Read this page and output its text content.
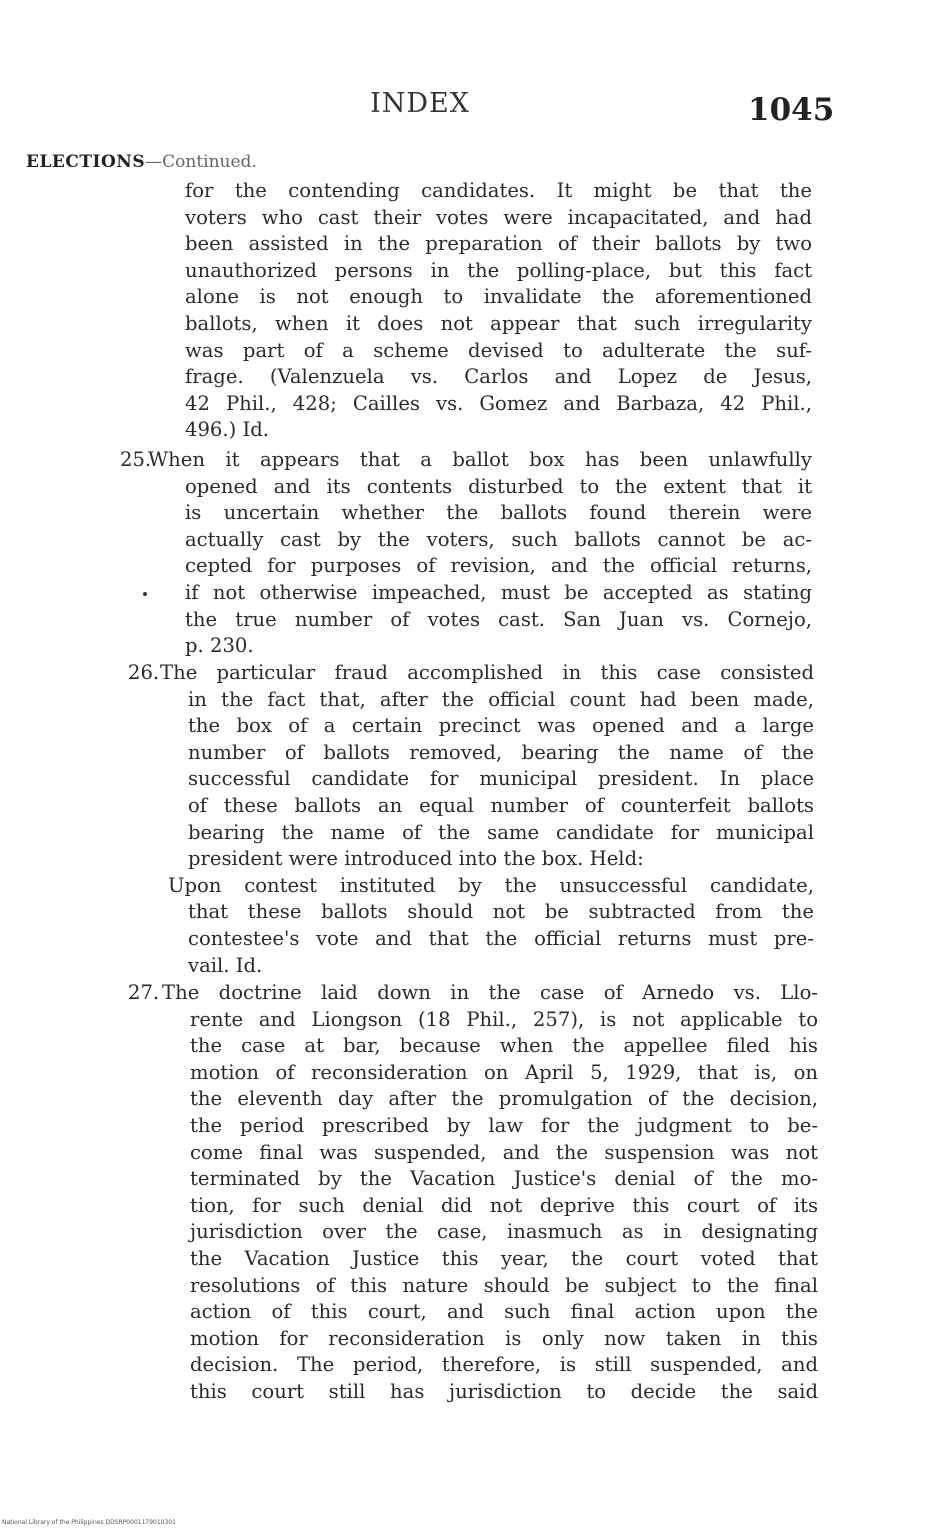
INDEX	1045
ELECTIONS—Continued.
for the contending candidates. It might be that the
voters who cast their votes were incapacitated, and had
been assisted in the preparation of their ballots by two
unauthorized persons in the polling-place, but this fact
alone is not enough to invalidate the aforementioned
ballots, when it does not appear that such irregularity
was part of a scheme devised to adulterate the suf-
frage. (Valenzuela vs. Carlos and Lopez de Jesus,
42 Phil., 428; Cailles vs. Gomez and Barbaza, 42 Phil.,
496.) Id.
25.When it appears that a ballot box has been unlawfully
opened and its contents disturbed to the extent that it
is uncertain whether the ballots found therein were
actually cast by the voters, such ballots cannot be ac-
cepted for purposes of revision, and the official returns,
if not otherwise impeached, must be accepted as stating
the true number of votes cast. San Juan vs. Cornejo,
p. 230.
26.The particular fraud accomplished in this case consisted
in the fact that, after the official count had been made,
the box of a certain precinct was opened and a large
number of ballots removed, bearing the name of the
successful candidate for municipal president. In place
of these ballots an equal number of counterfeit ballots
bearing the name of the same candidate for municipal
president were introduced into the box. Held:
Upon contest instituted by the unsuccessful candidate,
that these ballots should not be subtracted from the
contestee's vote and that the official returns must pre-
vail. Id.
27. The doctrine laid down in the case of Arnedo vs. Llo-
rente and Liongson (18 Phil., 257), is not applicable to
the case at bar, because when the appellee filed his
motion of reconsideration on April 5, 1929, that is, on
the eleventh day after the promulgation of the decision,
the period prescribed by law for the judgment to be-
come final was suspended, and the suspension was not
terminated by the Vacation Justice's denial of the mo-
tion, for such denial did not deprive this court of its
jurisdiction over the case, inasmuch as in designating
the Vacation Justice this year, the court voted that
resolutions of this nature should be subject to the final
action of this court, and such final action upon the
motion for reconsideration is only now taken in this
decision. The period, therefore, is still suspended, and
this court still has jurisdiction to decide the said
National Library of the Philippines DDSRP0001179010301
